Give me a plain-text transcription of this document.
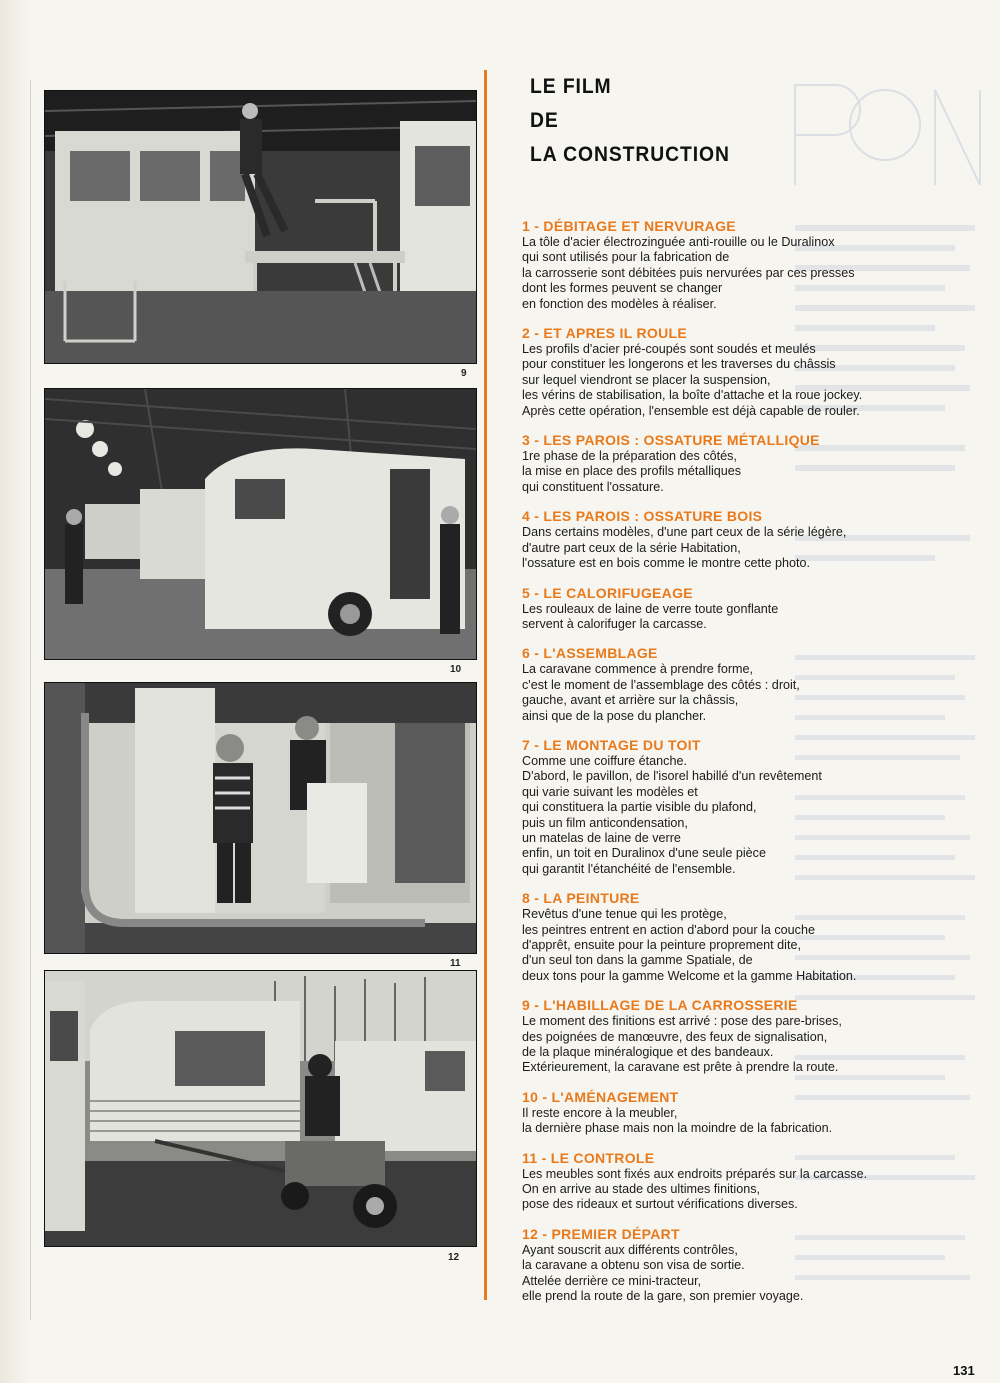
9
10
11
12
LE FILM
DE
LA CONSTRUCTION
1 - DÉBITAGE ET NERVURAGE

La tôle d'acier électrozinguée anti-rouille ou le Duralinox
qui sont utilisés pour la fabrication de
la carrosserie sont débitées puis nervurées par ces presses
dont les formes peuvent se changer
en fonction des modèles à réaliser.

2 - ET APRES IL ROULE

Les profils d'acier pré-coupés sont soudés et meulés
pour constituer les longerons et les traverses du châssis
sur lequel viendront se placer la suspension,
les vérins de stabilisation, la boîte d'attache et la roue jockey.
Après cette opération, l'ensemble est déjà capable de rouler.

3 - LES PAROIS : OSSATURE MÉTALLIQUE

1re phase de la préparation des côtés,
la mise en place des profils métalliques
qui constituent l'ossature.

4 - LES PAROIS : OSSATURE BOIS

Dans certains modèles, d'une part ceux de la série légère,
d'autre part ceux de la série Habitation,
l'ossature est en bois comme le montre cette photo.

5 - LE CALORIFUGEAGE

Les rouleaux de laine de verre toute gonflante
servent à calorifuger la carcasse.

6 - L'ASSEMBLAGE

La caravane commence à prendre forme,
c'est le moment de l'assemblage des côtés : droit,
gauche, avant et arrière sur la châssis,
ainsi que de la pose du plancher.

7 - LE MONTAGE DU TOIT

Comme une coiffure étanche.
D'abord, le pavillon, de l'isorel habillé d'un revêtement
qui varie suivant les modèles et
qui constituera la partie visible du plafond,
puis un film anticondensation,
un matelas de laine de verre
enfin, un toit en Duralinox d'une seule pièce
qui garantit l'étanchéité de l'ensemble.

8 - LA PEINTURE

Revêtus d'une tenue qui les protège,
les peintres entrent en action d'abord pour la couche
d'apprêt, ensuite pour la peinture proprement dite,
d'un seul ton dans la gamme Spatiale, de
deux tons pour la gamme Welcome et la gamme Habitation.

9 - L'HABILLAGE DE LA CARROSSERIE

Le moment des finitions est arrivé : pose des pare-brises,
des poignées de manœuvre, des feux de signalisation,
de la plaque minéralogique et des bandeaux.
Extérieurement, la caravane est prête à prendre la route.

10 - L'AMÉNAGEMENT

Il reste encore à la meubler,
la dernière phase mais non la moindre de la fabrication.

11 - LE CONTROLE

Les meubles sont fixés aux endroits préparés sur la carcasse.
On en arrive au stade des ultimes finitions,
pose des rideaux et surtout vérifications diverses.

12 - PREMIER DÉPART

Ayant souscrit aux différents contrôles,
la caravane a obtenu son visa de sortie.
Attelée derrière ce mini-tracteur,
elle prend la route de la gare, son premier voyage.

131
